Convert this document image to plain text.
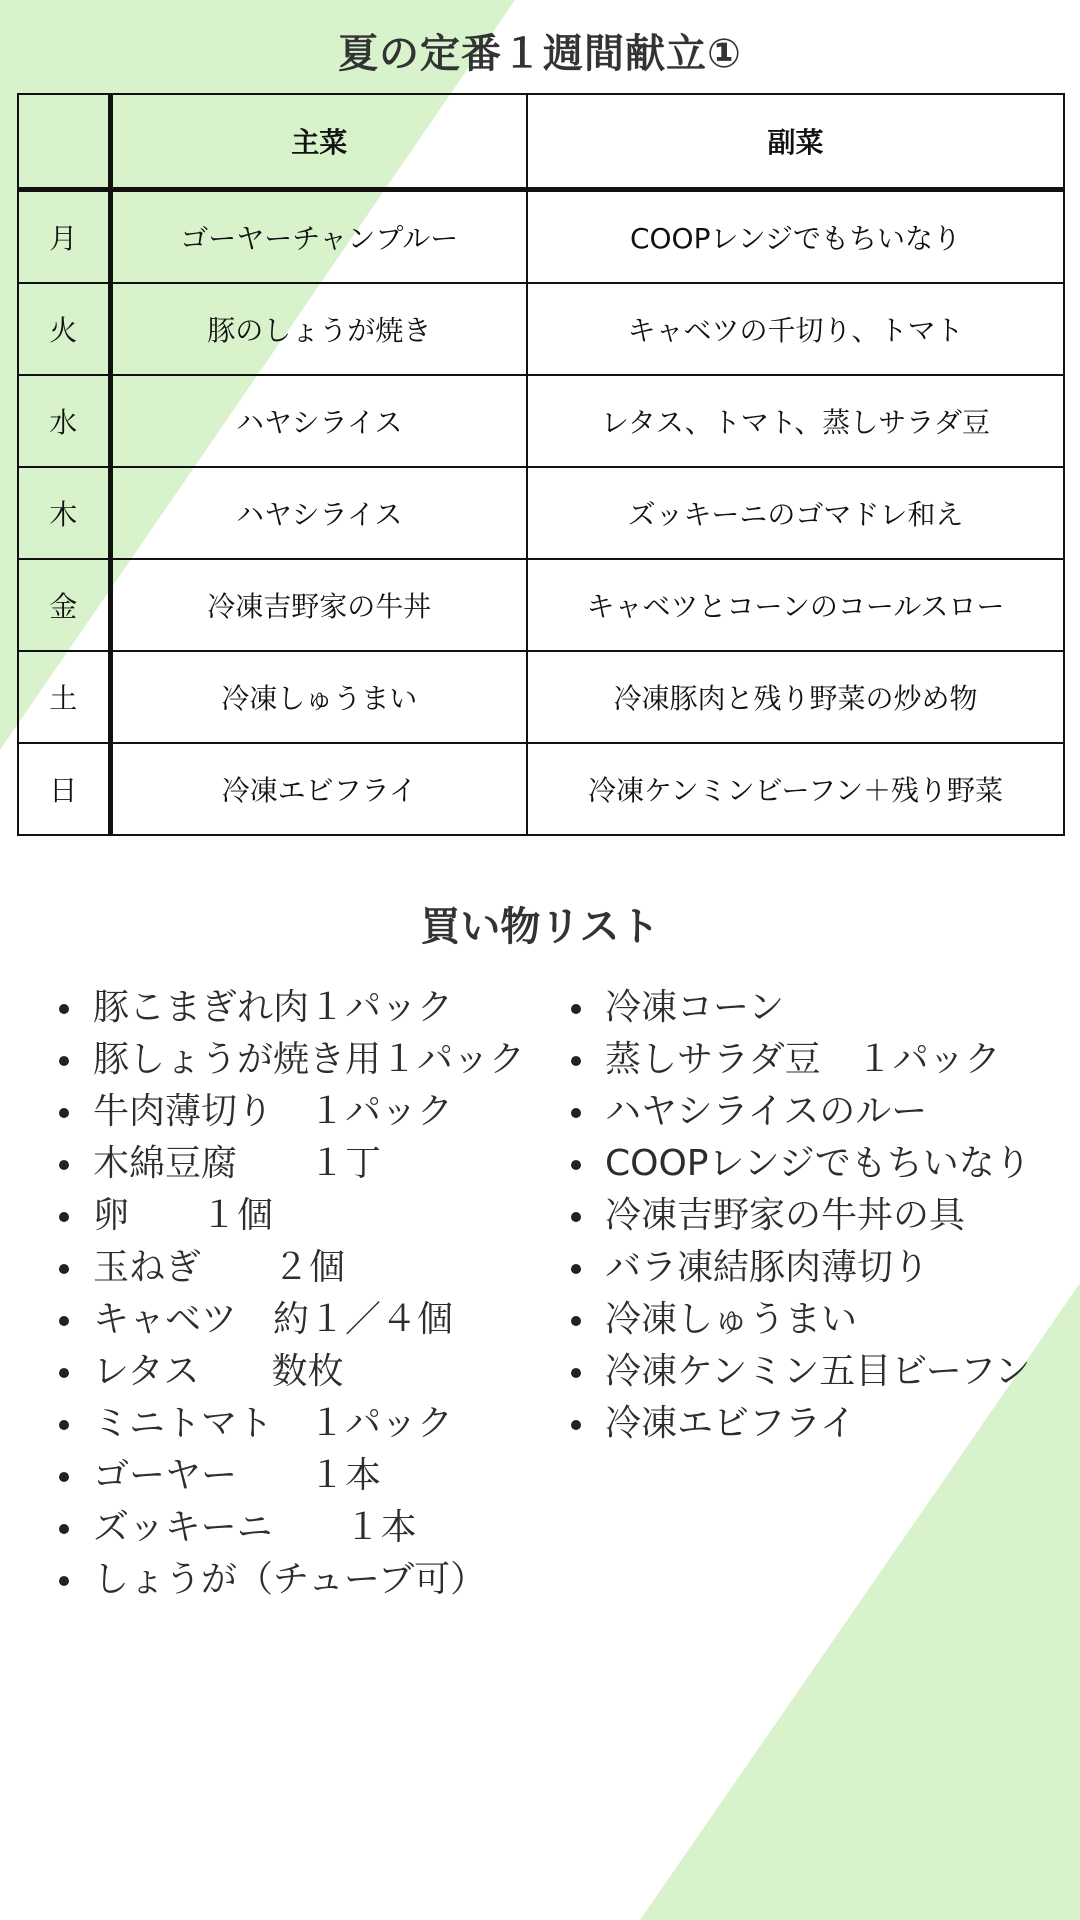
夏の定番１週間献立①
	主菜	副菜
月	ゴーヤーチャンプルー	COOPレンジでもちいなり
火	豚のしょうが焼き	キャベツの千切り、トマト
水	ハヤシライス	レタス、トマト、蒸しサラダ豆
木	ハヤシライス	ズッキーニのゴマドレ和え
金	冷凍吉野家の牛丼	キャベツとコーンのコールスロー
土	冷凍しゅうまい	冷凍豚肉と残り野菜の炒め物
日	冷凍エビフライ	冷凍ケンミンビーフン＋残り野菜
買い物リスト
豚こまぎれ肉１パック
豚しょうが焼き用１パック
牛肉薄切り　１パック
木綿豆腐　　１丁
卵　　１個
玉ねぎ　　２個
キャベツ　約１／４個
レタス　　数枚
ミニトマト　１パック
ゴーヤー　　１本
ズッキーニ　　１本
しょうが（チューブ可）
冷凍コーン
蒸しサラダ豆　１パック
ハヤシライスのルー
COOPレンジでもちいなり
冷凍吉野家の牛丼の具
バラ凍結豚肉薄切り
冷凍しゅうまい
冷凍ケンミン五目ビーフン
冷凍エビフライ
